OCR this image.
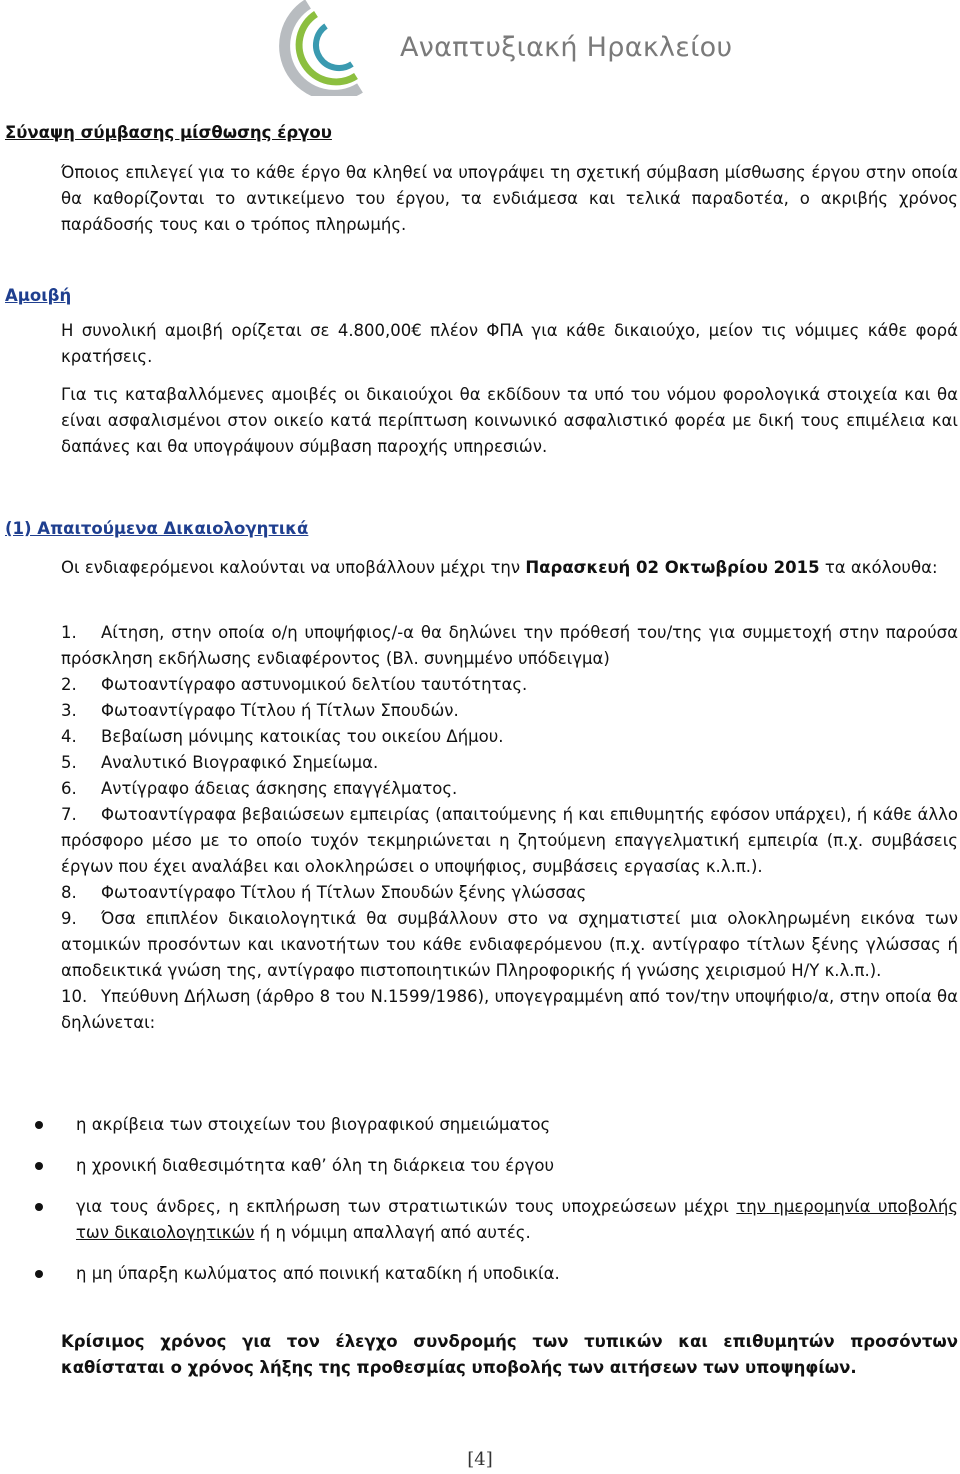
Αναπτυξιακή Ηρακλείου
Σύναψη σύμβασης μίσθωσης έργου
Όποιος επιλεγεί για το κάθε έργο θα κληθεί να υπογράψει τη σχετική σύμβαση μίσθωσης έργου στην οποία θα καθορίζονται το αντικείμενο του έργου, τα ενδιάμεσα και τελικά παραδοτέα, ο ακριβής χρόνος παράδοσής τους και ο τρόπος πληρωμής.
Αμοιβή
Η συνολική αμοιβή ορίζεται σε 4.800,00€ πλέον ΦΠΑ για κάθε δικαιούχο, μείον τις νόμιμες κάθε φορά κρατήσεις.
Για τις καταβαλλόμενες αμοιβές οι δικαιούχοι θα εκδίδουν τα υπό του νόμου φορολογικά στοιχεία και θα είναι ασφαλισμένοι στον οικείο κατά περίπτωση κοινωνικό ασφαλιστικό φορέα με δική τους επιμέλεια και δαπάνες και θα υπογράψουν σύμβαση παροχής υπηρεσιών.
(1) Απαιτούμενα Δικαιολογητικά
Οι ενδιαφερόμενοι καλούνται να υποβάλλουν μέχρι την Παρασκευή 02 Οκτωβρίου 2015 τα ακόλουθα:
1. Αίτηση, στην οποία ο/η υποψήφιος/-α θα δηλώνει την πρόθεσή του/της για συμμετοχή στην παρούσα πρόσκληση εκδήλωσης ενδιαφέροντος (Βλ. συνημμένο υπόδειγμα)
2. Φωτοαντίγραφο αστυνομικού δελτίου ταυτότητας.
3. Φωτοαντίγραφο Τίτλου ή Τίτλων Σπουδών.
4. Βεβαίωση μόνιμης κατοικίας του οικείου Δήμου.
5. Αναλυτικό Βιογραφικό Σημείωμα.
6. Αντίγραφο άδειας άσκησης επαγγέλματος.
7. Φωτοαντίγραφα βεβαιώσεων εμπειρίας (απαιτούμενης ή και επιθυμητής εφόσον υπάρχει), ή κάθε άλλο πρόσφορο μέσο με το οποίο τυχόν τεκμηριώνεται η ζητούμενη επαγγελματική εμπειρία (π.χ. συμβάσεις έργων που έχει αναλάβει και ολοκληρώσει ο υποψήφιος, συμβάσεις εργασίας κ.λ.π.).
8. Φωτοαντίγραφο Τίτλου ή Τίτλων Σπουδών ξένης γλώσσας
9. Όσα επιπλέον δικαιολογητικά θα συμβάλλουν στο να σχηματιστεί μια ολοκληρωμένη εικόνα των ατομικών προσόντων και ικανοτήτων του κάθε ενδιαφερόμενου (π.χ. αντίγραφο τίτλων ξένης γλώσσας ή αποδεικτικά γνώση της, αντίγραφο πιστοποιητικών Πληροφορικής ή γνώσης χειρισμού Η/Υ κ.λ.π.).
10. Υπεύθυνη Δήλωση (άρθρο 8 του Ν.1599/1986), υπογεγραμμένη από τον/την υποψήφιο/α, στην οποία θα δηλώνεται:
η ακρίβεια των στοιχείων του βιογραφικού σημειώματος
η χρονική διαθεσιμότητα καθ’ όλη τη διάρκεια του έργου
για τους άνδρες, η εκπλήρωση των στρατιωτικών τους υποχρεώσεων μέχρι την ημερομηνία υποβολής των δικαιολογητικών ή η νόμιμη απαλλαγή από αυτές.
η μη ύπαρξη κωλύματος από ποινική καταδίκη ή υποδικία.
Κρίσιμος χρόνος για τον έλεγχο συνδρομής των τυπικών και επιθυμητών προσόντων καθίσταται ο χρόνος λήξης της προθεσμίας υποβολής των αιτήσεων των υποψηφίων.
[4]
